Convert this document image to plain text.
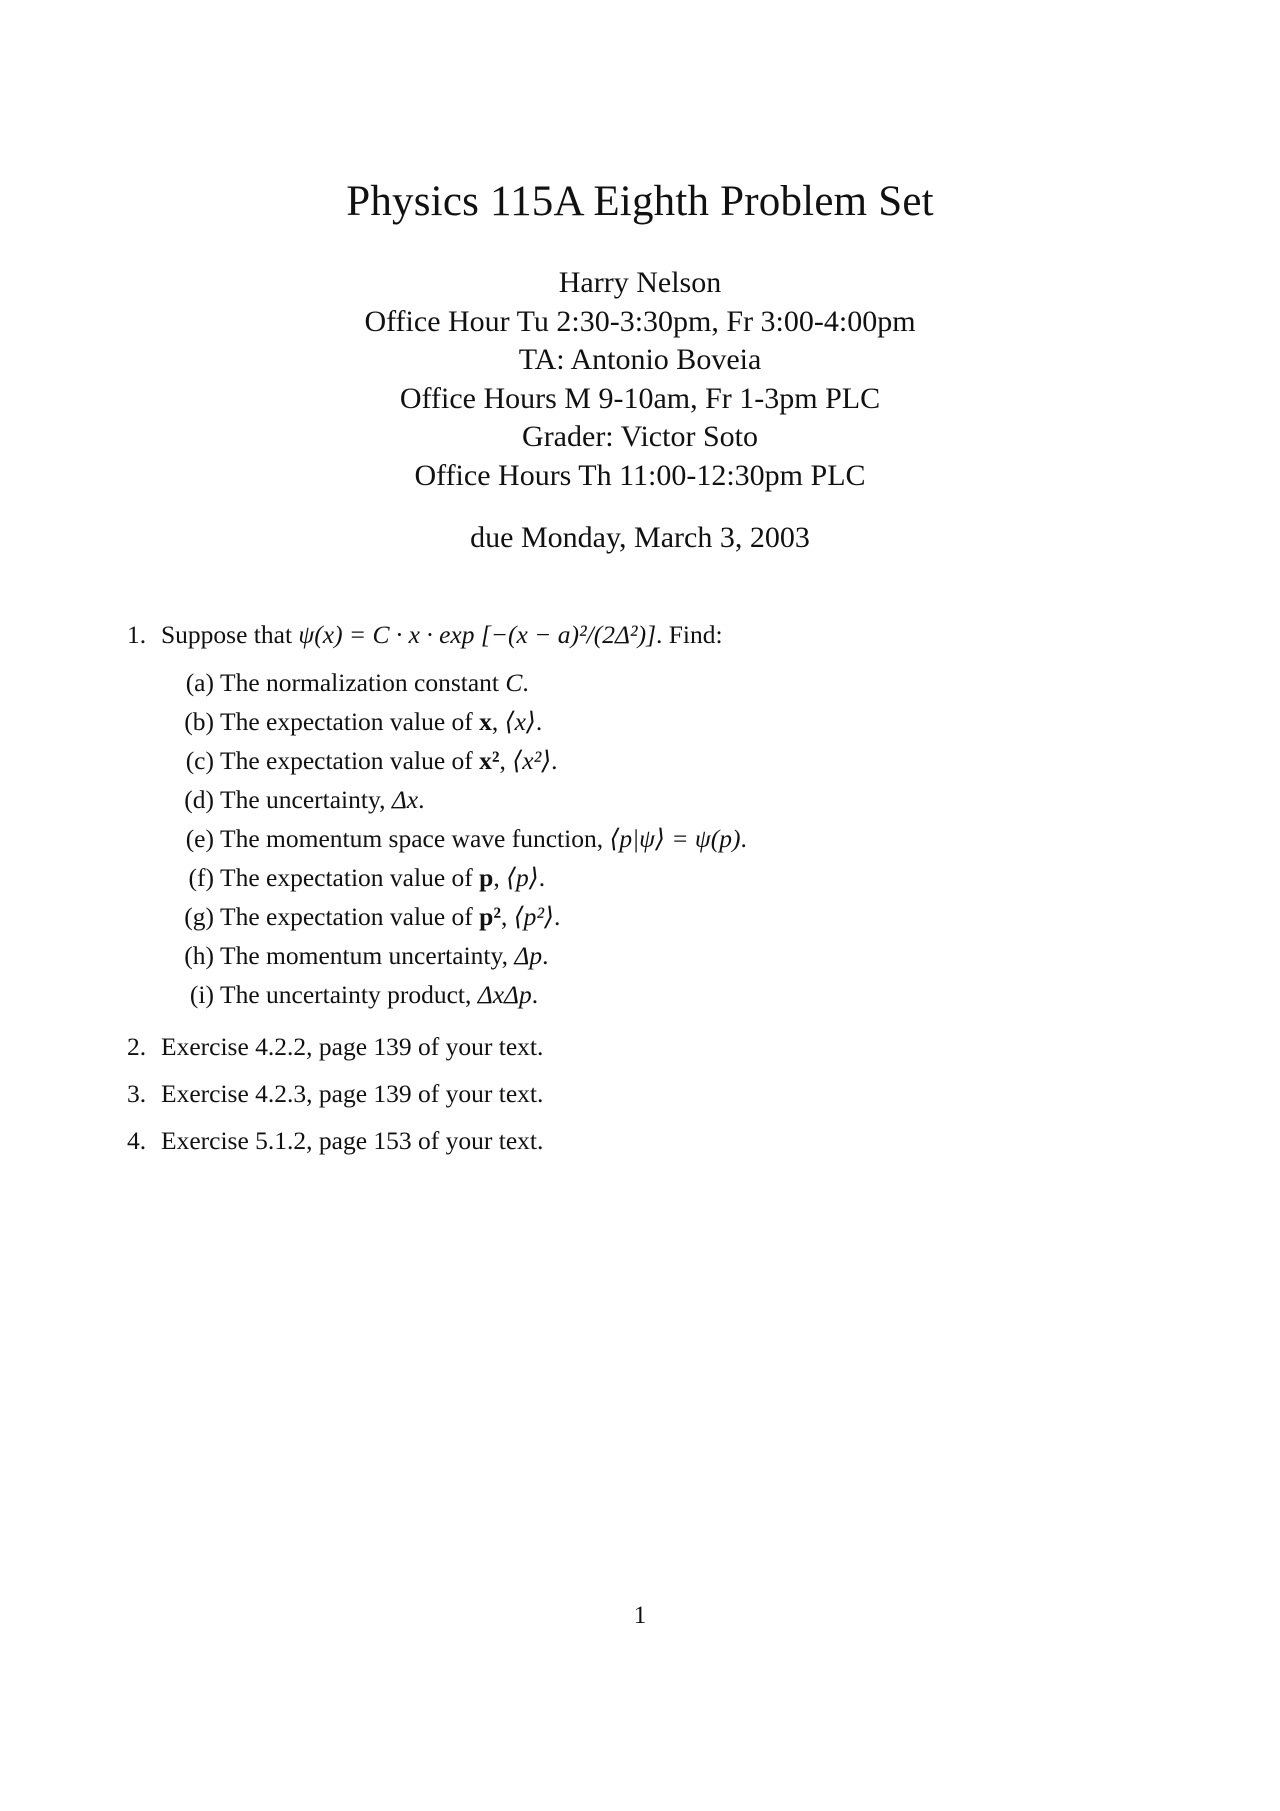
Physics 115A Eighth Problem Set
Harry Nelson
Office Hour Tu 2:30-3:30pm, Fr 3:00-4:00pm
TA: Antonio Boveia
Office Hours M 9-10am, Fr 1-3pm PLC
Grader: Victor Soto
Office Hours Th 11:00-12:30pm PLC
due Monday, March 3, 2003
1. Suppose that ψ(x) = C · x · exp [−(x − a)²/(2Δ²)]. Find:
(a) The normalization constant C.
(b) The expectation value of x, ⟨x⟩.
(c) The expectation value of x², ⟨x²⟩.
(d) The uncertainty, Δx.
(e) The momentum space wave function, ⟨p|ψ⟩ = ψ(p).
(f) The expectation value of p, ⟨p⟩.
(g) The expectation value of p², ⟨p²⟩.
(h) The momentum uncertainty, Δp.
(i) The uncertainty product, ΔxΔp.
2. Exercise 4.2.2, page 139 of your text.
3. Exercise 4.2.3, page 139 of your text.
4. Exercise 5.1.2, page 153 of your text.
1
